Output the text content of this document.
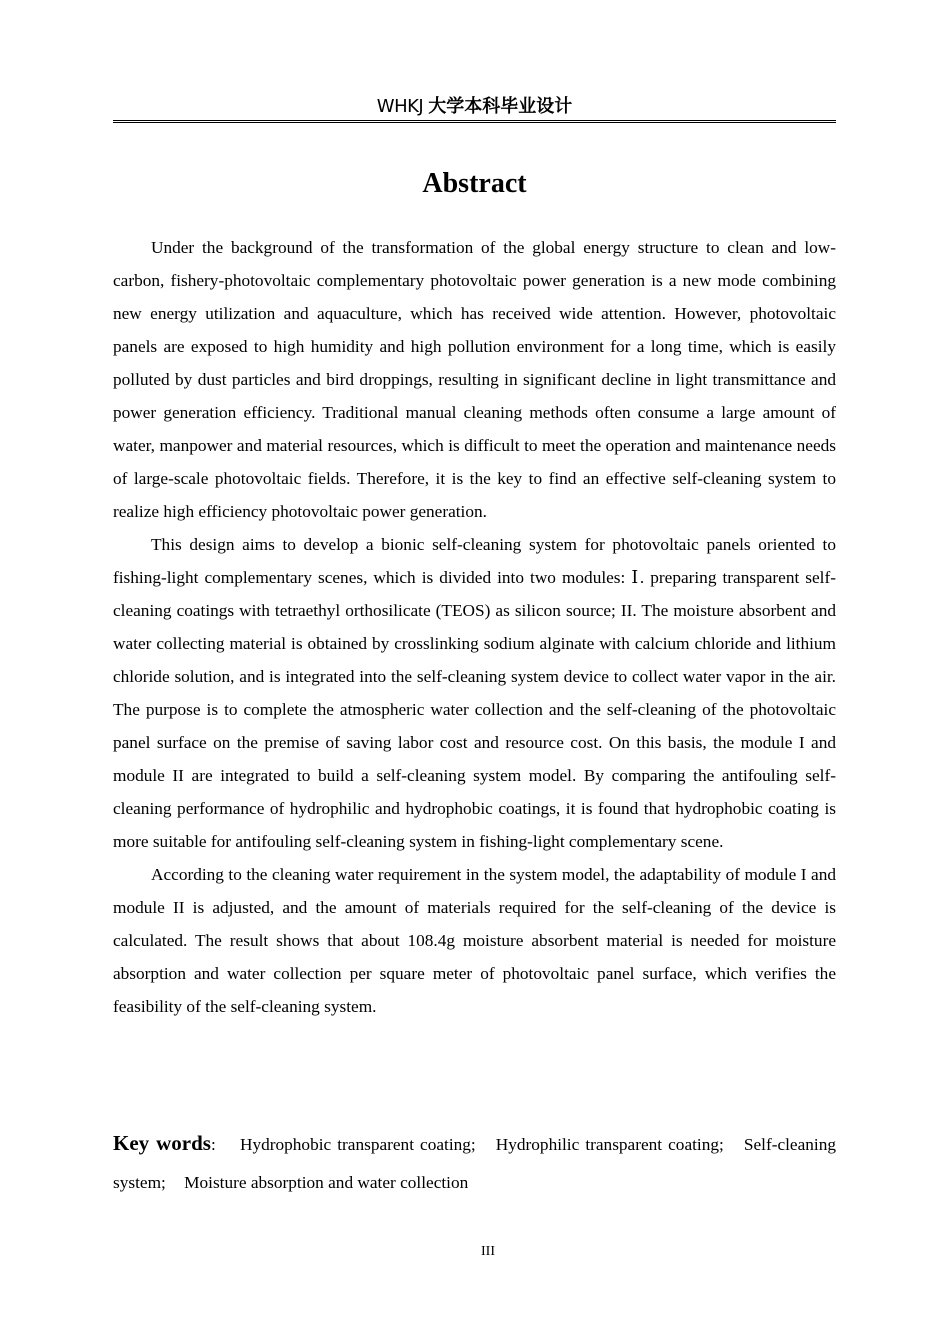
WHKJ 大学本科毕业设计
Abstract

Under the background of the transformation of the global energy structure to clean and low-carbon, fishery-photovoltaic complementary photovoltaic power generation is a new mode combining new energy utilization and aquaculture, which has received wide attention. However, photovoltaic panels are exposed to high humidity and high pollution environment for a long time, which is easily polluted by dust particles and bird droppings, resulting in significant decline in light transmittance and power generation efficiency. Traditional manual cleaning methods often consume a large amount of water, manpower and material resources, which is difficult to meet the operation and maintenance needs of large-scale photovoltaic fields. Therefore, it is the key to find an effective self-cleaning system to realize high efficiency photovoltaic power generation.

This design aims to develop a bionic self-cleaning system for photovoltaic panels oriented to fishing-light complementary scenes, which is divided into two modules: Ⅰ. preparing transparent self-cleaning coatings with tetraethyl orthosilicate (TEOS) as silicon source; II. The moisture absorbent and water collecting material is obtained by crosslinking sodium alginate with calcium chloride and lithium chloride solution, and is integrated into the self-cleaning system device to collect water vapor in the air. The purpose is to complete the atmospheric water collection and the self-cleaning of the photovoltaic panel surface on the premise of saving labor cost and resource cost. On this basis, the module I and module II are integrated to build a self-cleaning system model. By comparing the antifouling self-cleaning performance of hydrophilic and hydrophobic coatings, it is found that hydrophobic coating is more suitable for antifouling self-cleaning system in fishing-light complementary scene.

According to the cleaning water requirement in the system model, the adaptability of module I and module II is adjusted, and the amount of materials required for the self-cleaning of the device is calculated. The result shows that about 108.4g moisture absorbent material is needed for moisture absorption and water collection per square meter of photovoltaic panel surface, which verifies the feasibility of the self-cleaning system.

Key words: Hydrophobic transparent coating; Hydrophilic transparent coating; Self-cleaning system; Moisture absorption and water collection
III
